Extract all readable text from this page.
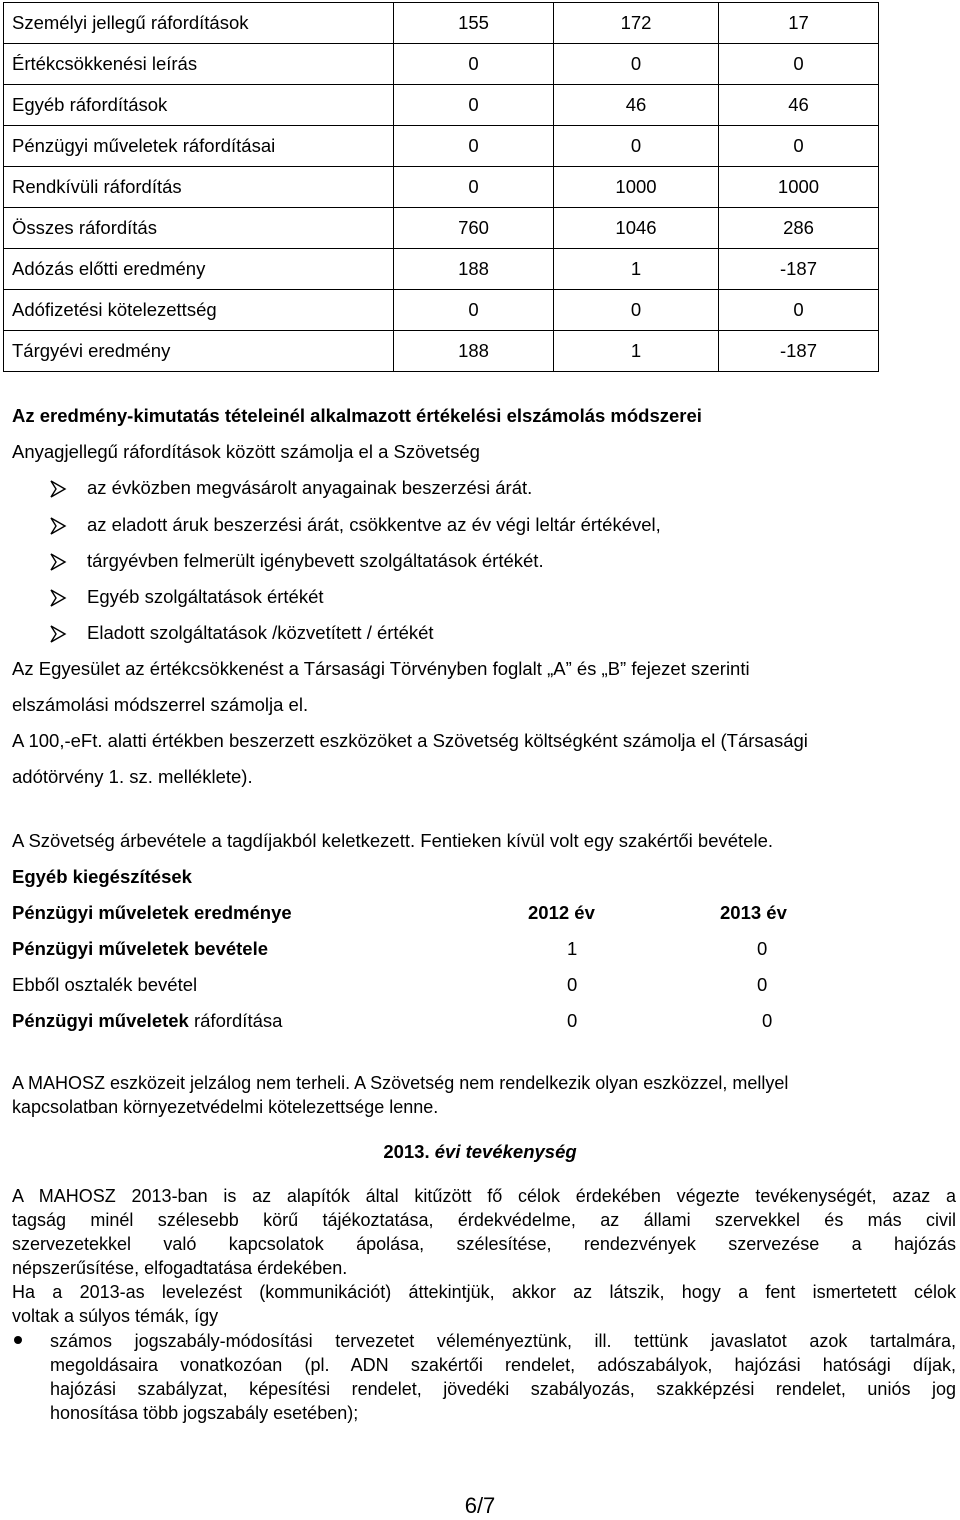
Személyi jellegű ráfordítások	155	172	17
Értékcsökkenési leírás	0	0	0
Egyéb ráfordítások	0	46	46
Pénzügyi műveletek ráfordításai	0	0	0
Rendkívüli ráfordítás	0	1000	1000
Összes ráfordítás	760	1046	286
Adózás előtti eredmény	188	1	-187
Adófizetési kötelezettség	0	0	0
Tárgyévi eredmény	188	1	-187
Az eredmény-kimutatás tételeinél alkalmazott értékelési elszámolás módszerei
Anyagjellegű ráfordítások között számolja el a Szövetség
az évközben megvásárolt anyagainak beszerzési árát.
az eladott áruk beszerzési árát, csökkentve az év végi leltár értékével,
tárgyévben felmerült igénybevett szolgáltatások értékét.
Egyéb szolgáltatások értékét
Eladott szolgáltatások /közvetített / értékét
Az Egyesület az értékcsökkenést a Társasági Törvényben foglalt „A” és „B” fejezet szerinti
elszámolási módszerrel számolja el.
A 100,-eFt. alatti értékben beszerzett eszközöket a Szövetség költségként számolja el (Társasági
adótörvény 1. sz. melléklete).
A Szövetség árbevétele a tagdíjakból keletkezett. Fentieken kívül volt egy szakértői bevétele.
Egyéb kiegészítések
Pénzügyi műveletek eredménye	2012 év	2013 év
Pénzügyi műveletek bevétele	1	0
Ebből osztalék bevétel	0	0
Pénzügyi műveletek ráfordítása	0	0
A MAHOSZ eszközeit jelzálog nem terheli. A Szövetség nem rendelkezik olyan eszközzel, mellyel
kapcsolatban környezetvédelmi kötelezettsége lenne.
2013. évi tevékenység
A MAHOSZ 2013-ban is az alapítók által kitűzött fő célok érdekében végezte tevékenységét, azaz a
tagság minél szélesebb körű tájékoztatása, érdekvédelme, az állami szervekkel és más civil
szervezetekkel való kapcsolatok ápolása, szélesítése, rendezvények szervezése a hajózás
népszerűsítése, elfogadtatása érdekében.
Ha a 2013-as levelezést (kommunikációt) áttekintjük, akkor az látszik, hogy a fent ismertetett célok
voltak a súlyos témák, így
számos jogszabály-módosítási tervezetet véleményeztünk, ill. tettünk javaslatot azok tartalmára,
megoldásaira vonatkozóan (pl. ADN szakértői rendelet, adószabályok, hajózási hatósági díjak,
hajózási szabályzat, képesítési rendelet, jövedéki szabályozás, szakképzési rendelet, uniós jog
honosítása több jogszabály esetében);
6/7
